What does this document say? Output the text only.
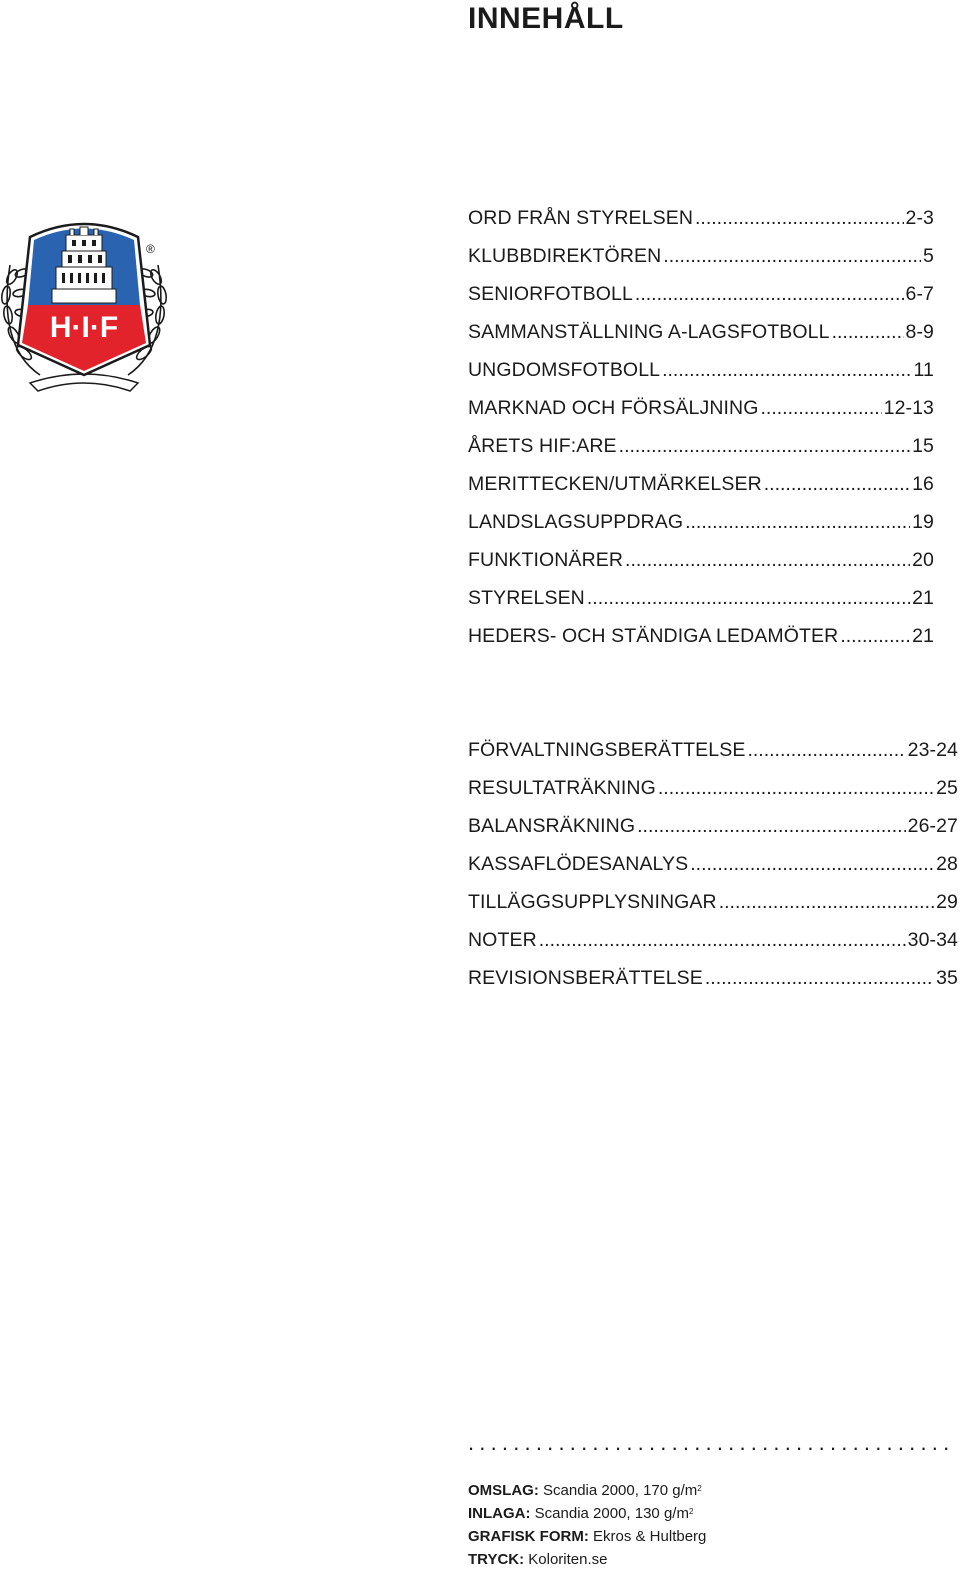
INNEHÅLL
H·I·F
®
ORD FRÅN STYRELSEN .....	2-3
KLUBBDIREKTÖREN .....	5
SENIORFOTBOLL .....	6-7
SAMMANSTÄLLNING A-LAGSFOTBOLL .....	8-9
UNGDOMSFOTBOLL .....	11
MARKNAD OCH FÖRSÄLJNING .....	12-13
ÅRETS HIF:ARE .....	15
MERITTECKEN/UTMÄRKELSER .....	16
LANDSLAGSUPPDRAG .....	19
FUNKTIONÄRER .....	20
STYRELSEN .....	21
HEDERS- OCH STÄNDIGA LEDAMÖTER .....	21
FÖRVALTNINGSBERÄTTELSE .....	23-24
RESULTATRÄKNING .....	25
BALANSRÄKNING .....	26-27
KASSAFLÖDESANALYS .....	28
TILLÄGGSUPPLYSNINGAR .....	29
NOTER .....	30-34
REVISIONSBERÄTTELSE .....	35
...........................................
OMSLAG: Scandia 2000, 170 $g/m^2$
INLAGA: Scandia 2000, 130 $g/m^2$
GRAFISK FORM: Ekros & Hultberg
TRYCK: Koloriten.se
